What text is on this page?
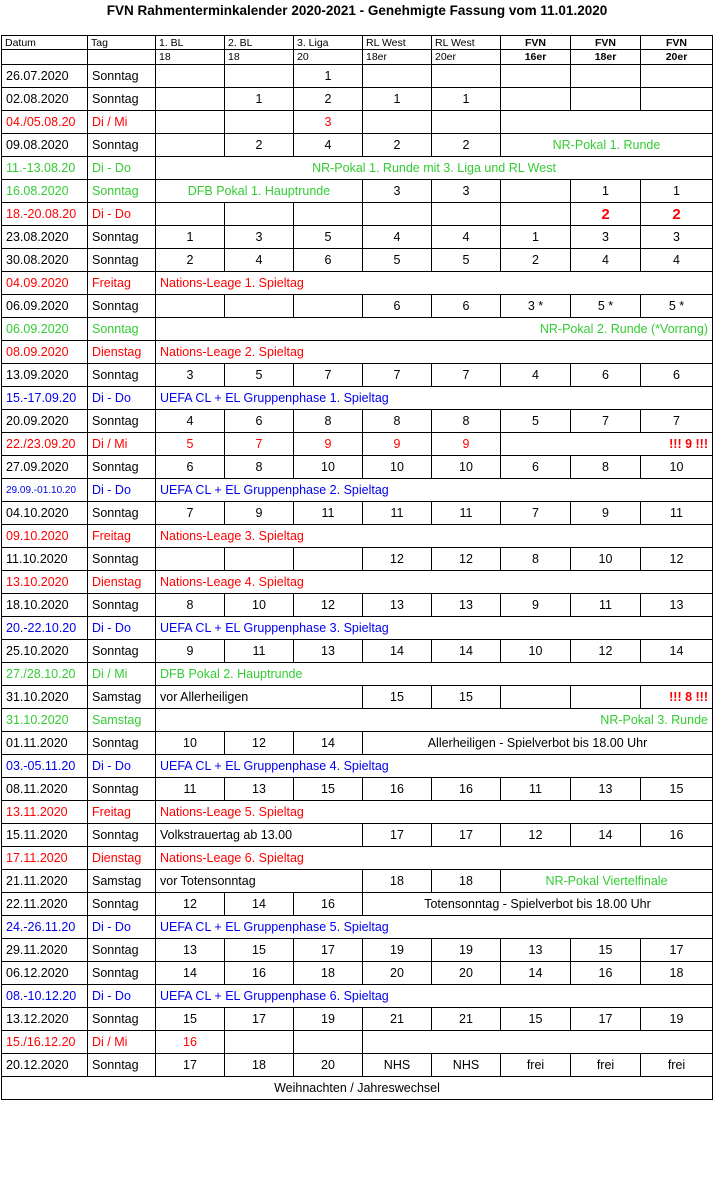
FVN Rahmenterminkalender 2020-2021 - Genehmigte Fassung vom 11.01.2020
Datum	Tag	1. BL	2. BL	3. Liga	RL West	RL West	FVN	FVN	FVN
		18	18	20	18er	20er	16er	18er	20er
26.07.2020	Sonntag			1					
02.08.2020	Sonntag		1	2	1	1			
04./05.08.20	Di / Mi			3					
09.08.2020	Sonntag		2	4	2	2	NR-Pokal 1. Runde		
11.-13.08.20	Di - Do	NR-Pokal 1. Runde mit 3. Liga und RL West							
16.08.2020	Sonntag	DFB Pokal 1. Hauptrunde			3	3		1	1
18.-20.08.20	Di - Do							2	2
23.08.2020	Sonntag	1	3	5	4	4	1	3	3
30.08.2020	Sonntag	2	4	6	5	5	2	4	4
04.09.2020	Freitag	Nations-Leage 1. Spieltag							
06.09.2020	Sonntag				6	6	3 *	5 *	5 *
06.09.2020	Sonntag	NR-Pokal 2. Runde (*Vorrang)							
08.09.2020	Dienstag	Nations-Leage 2. Spieltag							
13.09.2020	Sonntag	3	5	7	7	7	4	6	6
15.-17.09.20	Di - Do	UEFA CL + EL Gruppenphase 1. Spieltag							
20.09.2020	Sonntag	4	6	8	8	8	5	7	7
22./23.09.20	Di / Mi	5	7	9	9	9	!!! 9 !!!		
27.09.2020	Sonntag	6	8	10	10	10	6	8	10
29.09.-01.10.20	Di - Do	UEFA CL + EL Gruppenphase 2. Spieltag							
04.10.2020	Sonntag	7	9	11	11	11	7	9	11
09.10.2020	Freitag	Nations-Leage 3. Spieltag							
11.10.2020	Sonntag				12	12	8	10	12
13.10.2020	Dienstag	Nations-Leage 4. Spieltag							
18.10.2020	Sonntag	8	10	12	13	13	9	11	13
20.-22.10.20	Di - Do	UEFA CL + EL Gruppenphase 3. Spieltag							
25.10.2020	Sonntag	9	11	13	14	14	10	12	14
27./28.10.20	Di / Mi	DFB Pokal 2. Hauptrunde							
31.10.2020	Samstag	vor Allerheiligen			15	15			!!! 8 !!!
31.10.2020	Samstag	NR-Pokal 3. Runde							
01.11.2020	Sonntag	10	12	14	Allerheiligen - Spielverbot bis 18.00 Uhr				
03.-05.11.20	Di - Do	UEFA CL + EL Gruppenphase 4. Spieltag							
08.11.2020	Sonntag	11	13	15	16	16	11	13	15
13.11.2020	Freitag	Nations-Leage 5. Spieltag							
15.11.2020	Sonntag	Volkstrauertag ab 13.00			17	17	12	14	16
17.11.2020	Dienstag	Nations-Leage 6. Spieltag							
21.11.2020	Samstag	vor Totensonntag			18	18	NR-Pokal Viertelfinale		
22.11.2020	Sonntag	12	14	16	Totensonntag - Spielverbot bis 18.00 Uhr				
24.-26.11.20	Di - Do	UEFA CL + EL Gruppenphase 5. Spieltag							
29.11.2020	Sonntag	13	15	17	19	19	13	15	17
06.12.2020	Sonntag	14	16	18	20	20	14	16	18
08.-10.12.20	Di - Do	UEFA CL + EL Gruppenphase 6. Spieltag							
13.12.2020	Sonntag	15	17	19	21	21	15	17	19
15./16.12.20	Di / Mi	16							
20.12.2020	Sonntag	17	18	20	NHS	NHS	frei	frei	frei
Weihnachten / Jahreswechsel									
